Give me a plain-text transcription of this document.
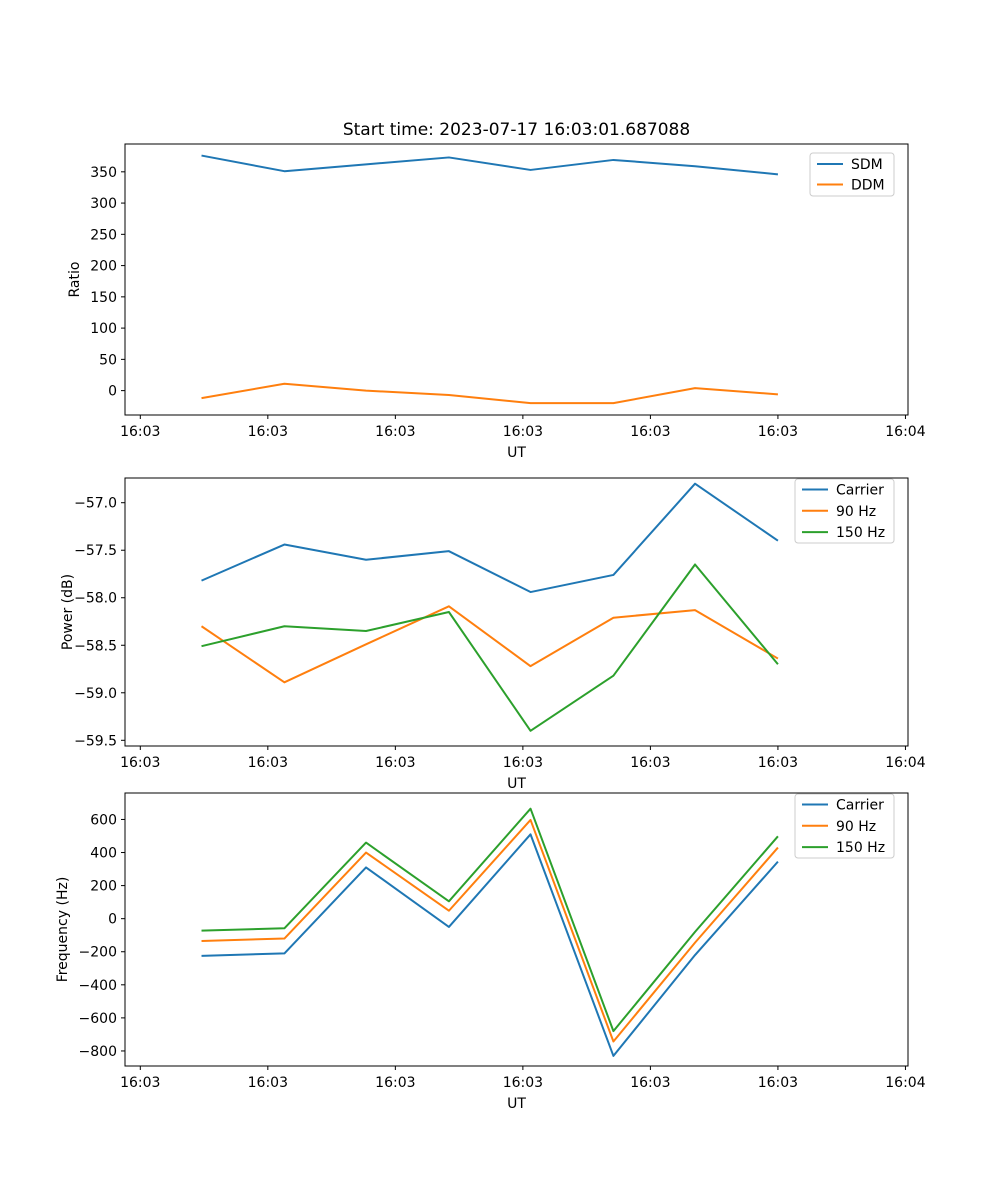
16:03	16:03	16:03	16:03	16:03	16:03	16:04
0
50
100
150
200
250
300
350
UT
Ratio
SDM
DDM
16:03	16:03	16:03	16:03	16:03	16:03	16:04
−57.0
−57.5
−58.0
−58.5
−59.0
−59.5
UT
Power (dB)
Carrier
90 Hz
150 Hz
16:03	16:03	16:03	16:03	16:03	16:03	16:04
600
400
200
0
−200
−400
−600
−800
UT
Frequency (Hz)
Carrier
90 Hz
150 Hz
Start time: 2023-07-17 16:03:01.687088
